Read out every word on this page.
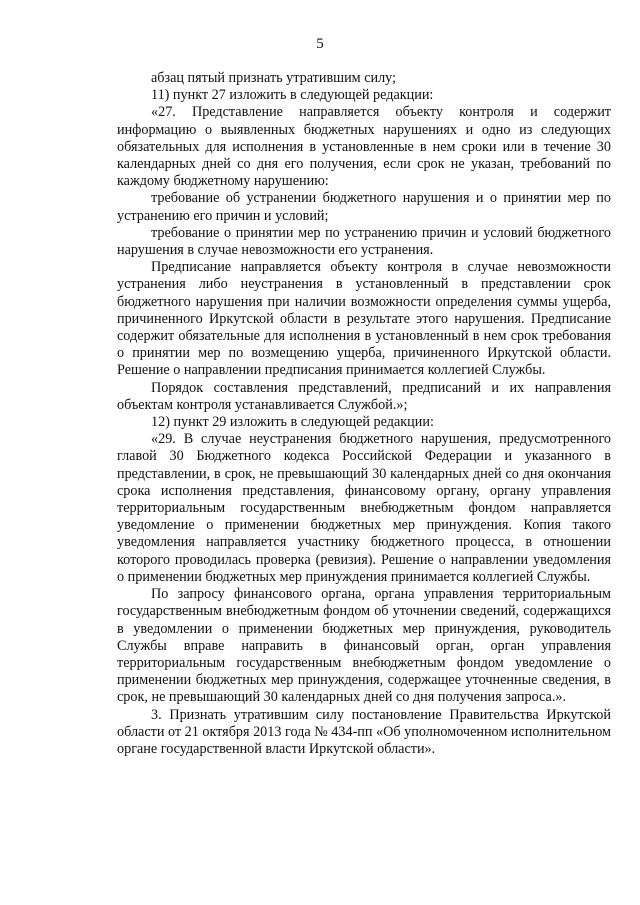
5

абзац пятый признать утратившим силу;

11) пункт 27 изложить в следующей редакции:

«27. Представление направляется объекту контроля и содержит информацию о выявленных бюджетных нарушениях и одно из следующих обязательных для исполнения в установленные в нем сроки или в течение 30 календарных дней со дня его получения, если срок не указан, требований по каждому бюджетному нарушению:

требование об устранении бюджетного нарушения и о принятии мер по устранению его причин и условий;

требование о принятии мер по устранению причин и условий бюджетного нарушения в случае невозможности его устранения.

Предписание направляется объекту контроля в случае невозможности устранения либо неустранения в установленный в представлении срок бюджетного нарушения при наличии возможности определения суммы ущерба, причиненного Иркутской области в результате этого нарушения. Предписание содержит обязательные для исполнения в установленный в нем срок требования о принятии мер по возмещению ущерба, причиненного Иркутской области. Решение о направлении предписания принимается коллегией Службы.

Порядок составления представлений, предписаний и их направления объектам контроля устанавливается Службой.»;

12) пункт 29 изложить в следующей редакции:

«29. В случае неустранения бюджетного нарушения, предусмотренного главой 30 Бюджетного кодекса Российской Федерации и указанного в представлении, в срок, не превышающий 30 календарных дней со дня окончания срока исполнения представления, финансовому органу, органу управления территориальным государственным внебюджетным фондом направляется уведомление о применении бюджетных мер принуждения. Копия такого уведомления направляется участнику бюджетного процесса, в отношении которого проводилась проверка (ревизия). Решение о направлении уведомления о применении бюджетных мер принуждения принимается коллегией Службы.

По запросу финансового органа, органа управления территориальным государственным внебюджетным фондом об уточнении сведений, содержащихся в уведомлении о применении бюджетных мер принуждения, руководитель Службы вправе направить в финансовый орган, орган управления территориальным государственным внебюджетным фондом уведомление о применении бюджетных мер принуждения, содержащее уточненные сведения, в срок, не превышающий 30 календарных дней со дня получения запроса.».

3. Признать утратившим силу постановление Правительства Иркутской области от 21 октября 2013 года № 434-пп «Об уполномоченном исполнительном органе государственной власти Иркутской области».
